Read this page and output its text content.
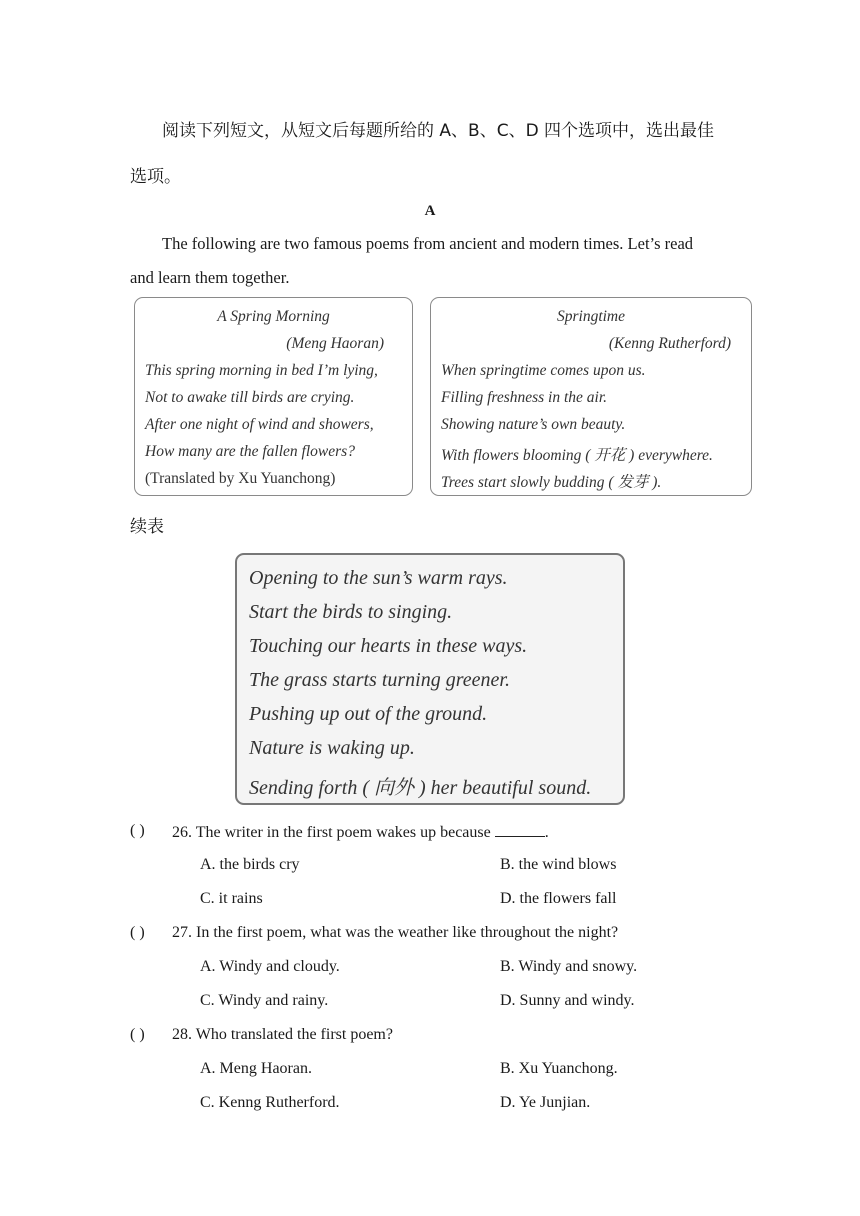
阅读下列短文，从短文后每题所给的 A、B、C、D 四个选项中，选出最佳
选项。
A
The following are two famous poems from ancient and modern times. Let’s read
and learn them together.
A Spring Morning
(Meng Haoran)
This spring morning in bed I’m lying,
Not to awake till birds are crying.
After one night of wind and showers,
How many are the fallen flowers?
(Translated by Xu Yuanchong)
Springtime
(Kenng Rutherford)
When springtime comes upon us.
Filling freshness in the air.
Showing nature’s own beauty.
With flowers blooming ( 开花 ) everywhere.
Trees start slowly budding ( 发芽 ).
续表
Opening to the sun’s warm rays.
Start the birds to singing.
Touching our hearts in these ways.
The grass starts turning greener.
Pushing up out of the ground.
Nature is waking up.
Sending forth ( 向外 ) her beautiful sound.
( ) 26. The writer in the first poem wakes up because	.
A. the birds cry	B. the wind blows
C. it rains	D. the flowers fall
( ) 27. In the first poem, what was the weather like throughout the night?
A. Windy and cloudy.	B. Windy and snowy.
C. Windy and rainy.	D. Sunny and windy.
( ) 28. Who translated the first poem?
A. Meng Haoran.	B. Xu Yuanchong.
C. Kenng Rutherford.	D. Ye Junjian.
